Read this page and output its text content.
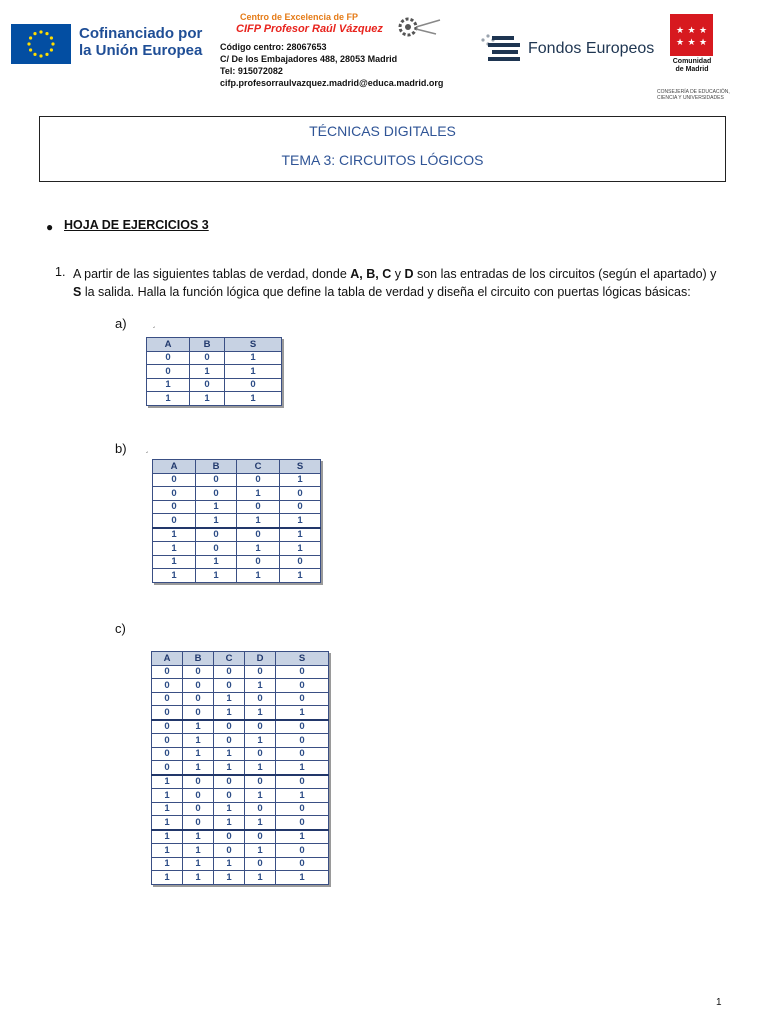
Cofinanciado por
la Unión Europea
Centro de Excelencia de FP
CIFP Profesor Raúl Vázquez
Código centro: 28067653
C/ De los Embajadores 488, 28053 Madrid
Tel: 915072082
cifp.profesorraulvazquez.madrid@educa.madrid.org
Fondos Europeos
★ ★ ★
★ ★ ★
Comunidad
de Madrid
CONSEJERÍA DE EDUCACIÓN,
CIENCIA Y UNIVERSIDADES
TÉCNICAS DIGITALES
TEMA 3: CIRCUITOS LÓGICOS
● HOJA DE EJERCICIOS 3
1. A partir de las siguientes tablas de verdad, donde A, B, C y D son las entradas de los circuitos (según el apartado) y S la salida. Halla la función lógica que define la tabla de verdad y diseña el circuito con puertas lógicas básicas:
a)
b)
c)
´
´
A	B	S
0	0	1
0	1	1
1	0	0
1	1	1
A	B	C	S
0	0	0	1
0	0	1	0
0	1	0	0
0	1	1	1
1	0	0	1
1	0	1	1
1	1	0	0
1	1	1	1
A	B	C	D	S
0	0	0	0	0
0	0	0	1	0
0	0	1	0	0
0	0	1	1	1
0	1	0	0	0
0	1	0	1	0
0	1	1	0	0
0	1	1	1	1
1	0	0	0	0
1	0	0	1	1
1	0	1	0	0
1	0	1	1	0
1	1	0	0	1
1	1	0	1	0
1	1	1	0	0
1	1	1	1	1
1
